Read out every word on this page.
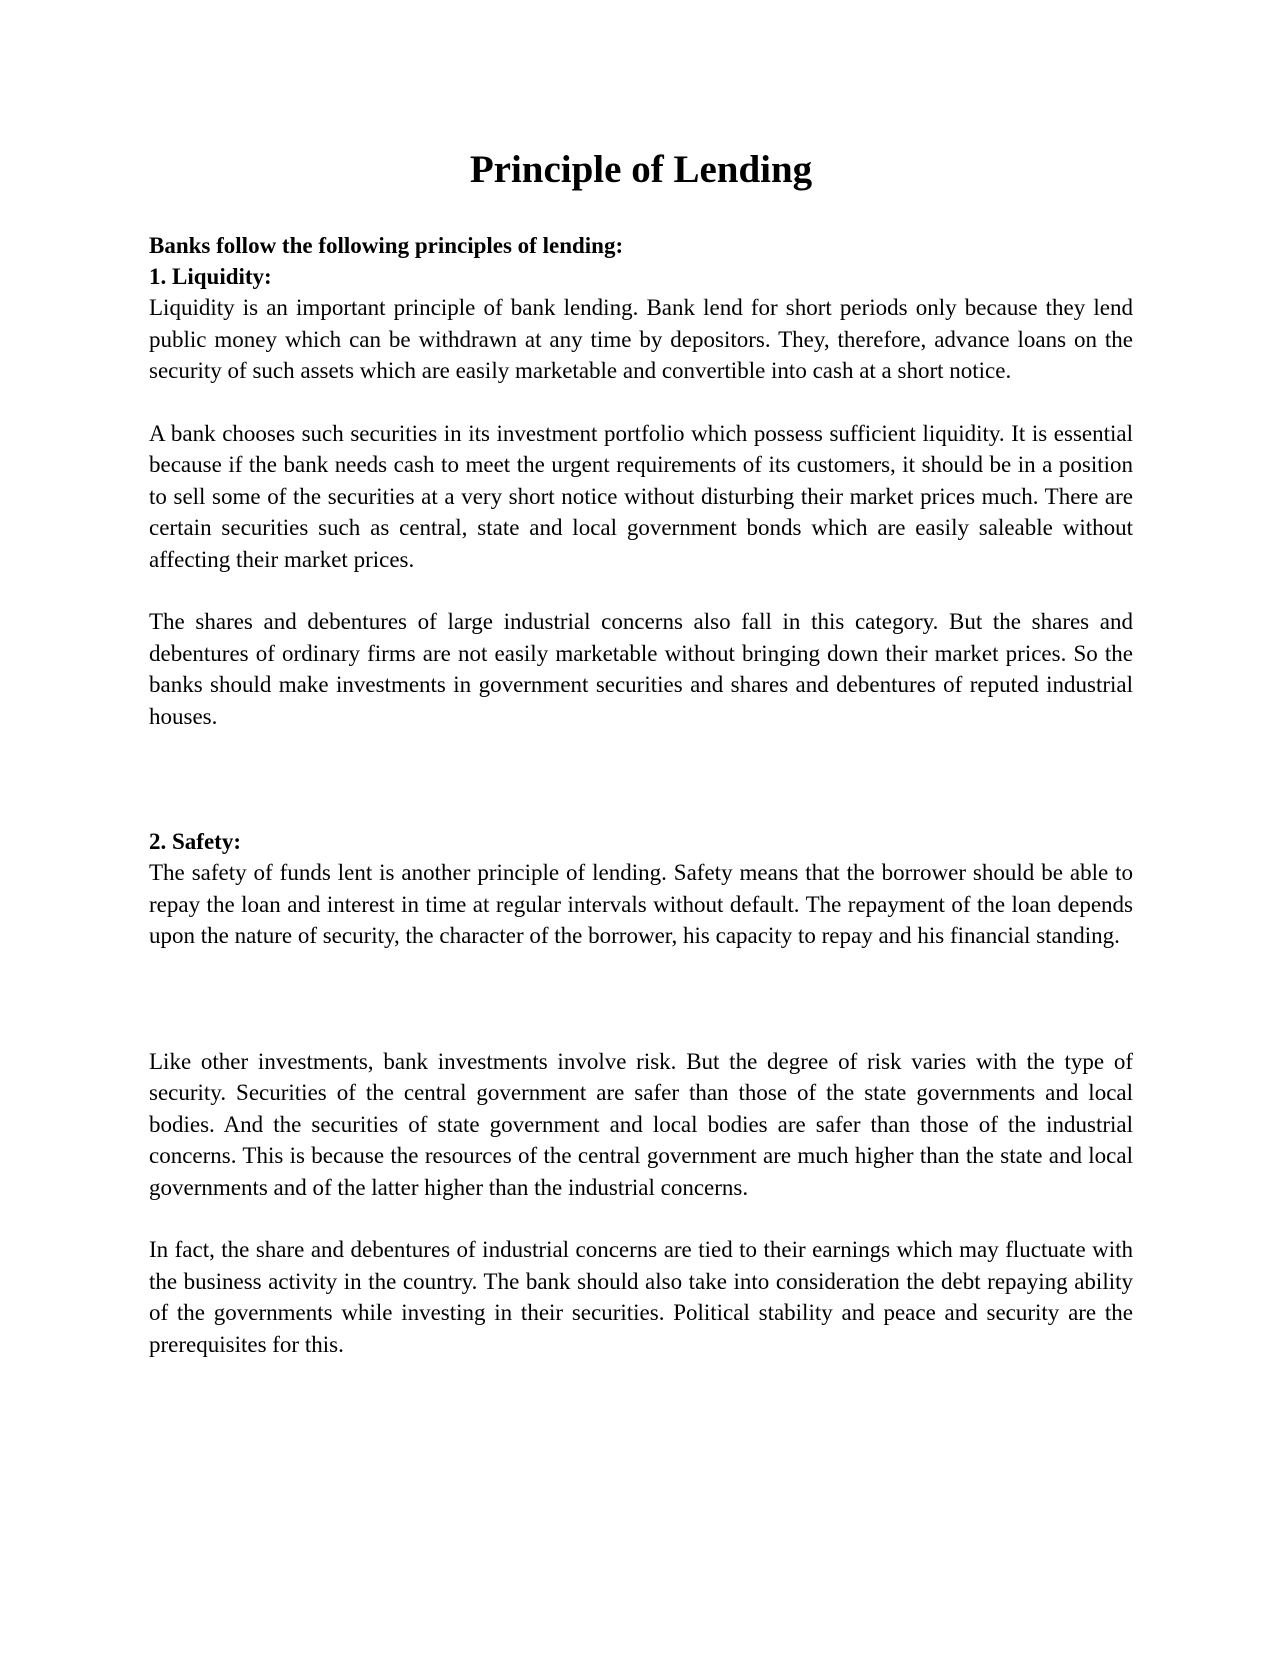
Principle of Lending

Banks follow the following principles of lending:

1. Liquidity:

Liquidity is an important principle of bank lending. Bank lend for short periods only because they lend public money which can be withdrawn at any time by depositors. They, therefore, advance loans on the security of such assets which are easily marketable and convertible into cash at a short notice.

A bank chooses such securities in its investment portfolio which possess sufficient liquidity. It is essential because if the bank needs cash to meet the urgent requirements of its customers, it should be in a position to sell some of the securities at a very short notice without disturbing their market prices much. There are certain securities such as central, state and local government bonds which are easily saleable without affecting their market prices.

The shares and debentures of large industrial concerns also fall in this category. But the shares and debentures of ordinary firms are not easily marketable without bringing down their market prices. So the banks should make investments in government securities and shares and debentures of reputed industrial houses.

2. Safety:

The safety of funds lent is another principle of lending. Safety means that the borrower should be able to repay the loan and interest in time at regular intervals without default. The repayment of the loan depends upon the nature of security, the character of the borrower, his capacity to repay and his financial standing.

Like other investments, bank investments involve risk. But the degree of risk varies with the type of security. Securities of the central government are safer than those of the state governments and local bodies. And the securities of state government and local bodies are safer than those of the industrial concerns. This is because the resources of the central government are much higher than the state and local governments and of the latter higher than the industrial concerns.

In fact, the share and debentures of industrial concerns are tied to their earnings which may fluctuate with the business activity in the country. The bank should also take into consideration the debt repaying ability of the governments while investing in their securities. Political stability and peace and security are the prerequisites for this.
